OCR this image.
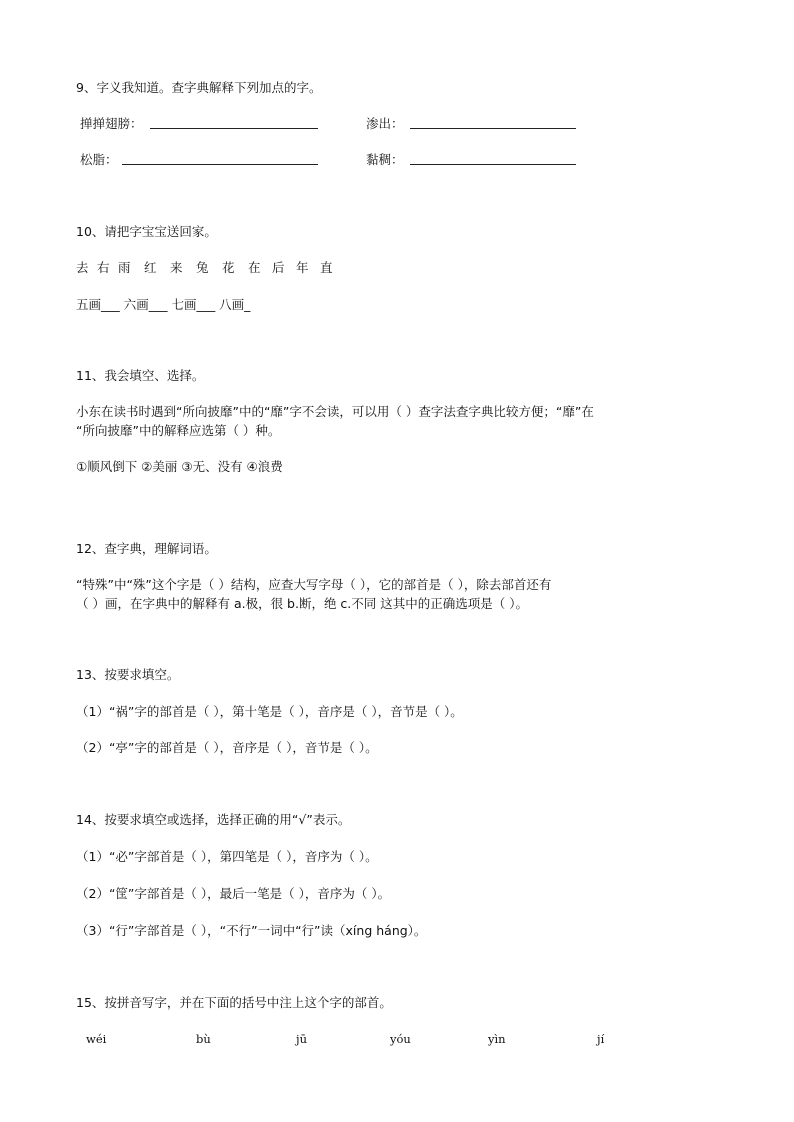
9、字义我知道。查字典解释下列加点的字。
掸掸翅膀：	渗出：
松脂：	黏稠：
10、请把字宝宝送回家。
去 右 雨 红 来 兔 花 在 后 年 直
五画___ 六画___ 七画___ 八画_
11、我会填空、选择。
小东在读书时遇到“所向披靡”中的“靡”字不会读，可以用（ ）查字法查字典比较方便；“靡”在
“所向披靡”中的解释应选第（ ）种。
①顺风倒下 ②美丽 ③无、没有 ④浪费
12、查字典，理解词语。
“特殊”中“殊”这个字是（ ）结构，应查大写字母（ ），它的部首是（ ），除去部首还有
（ ）画，在字典中的解释有 a.极，很 b.断，绝 c.不同 这其中的正确选项是（ ）。
13、按要求填空。
（1）“祸”字的部首是（ ），第十笔是（ ），音序是（ ），音节是（ ）。
（2）“亭”字的部首是（ ），音序是（ ），音节是（ ）。
14、按要求填空或选择，选择正确的用“√”表示。
（1）“必”字部首是（ ），第四笔是（ ），音序为（ ）。
（2）“筐”字部首是（ ），最后一笔是（ ），音序为（ ）。
（3）“行”字部首是（ ），“不行”一词中“行”读（xíng háng）。
15、按拼音写字，并在下面的括号中注上这个字的部首。
wéi	bù	jū	yóu	yìn	jí
